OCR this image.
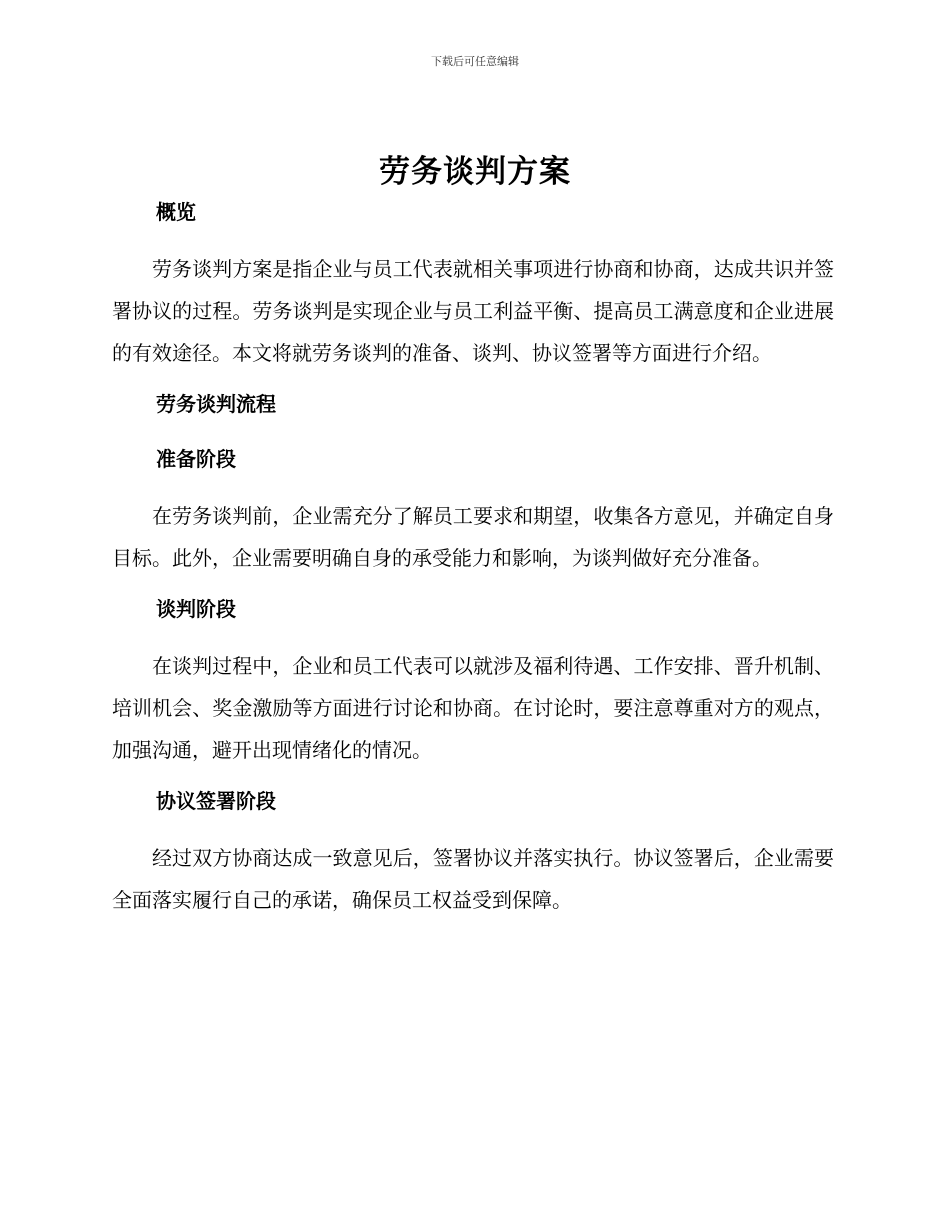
下载后可任意编辑
劳务谈判方案
概览

劳务谈判方案是指企业与员工代表就相关事项进行协商和协商，达成共识并签署协议的过程。劳务谈判是实现企业与员工利益平衡、提高员工满意度和企业进展的有效途径。本文将就劳务谈判的准备、谈判、协议签署等方面进行介绍。

劳务谈判流程
准备阶段

在劳务谈判前，企业需充分了解员工要求和期望，收集各方意见，并确定自身目标。此外，企业需要明确自身的承受能力和影响，为谈判做好充分准备。

谈判阶段

在谈判过程中，企业和员工代表可以就涉及福利待遇、工作安排、晋升机制、培训机会、奖金激励等方面进行讨论和协商。在讨论时，要注意尊重对方的观点，加强沟通，避开出现情绪化的情况。

协议签署阶段

经过双方协商达成一致意见后，签署协议并落实执行。协议签署后，企业需要全面落实履行自己的承诺，确保员工权益受到保障。
